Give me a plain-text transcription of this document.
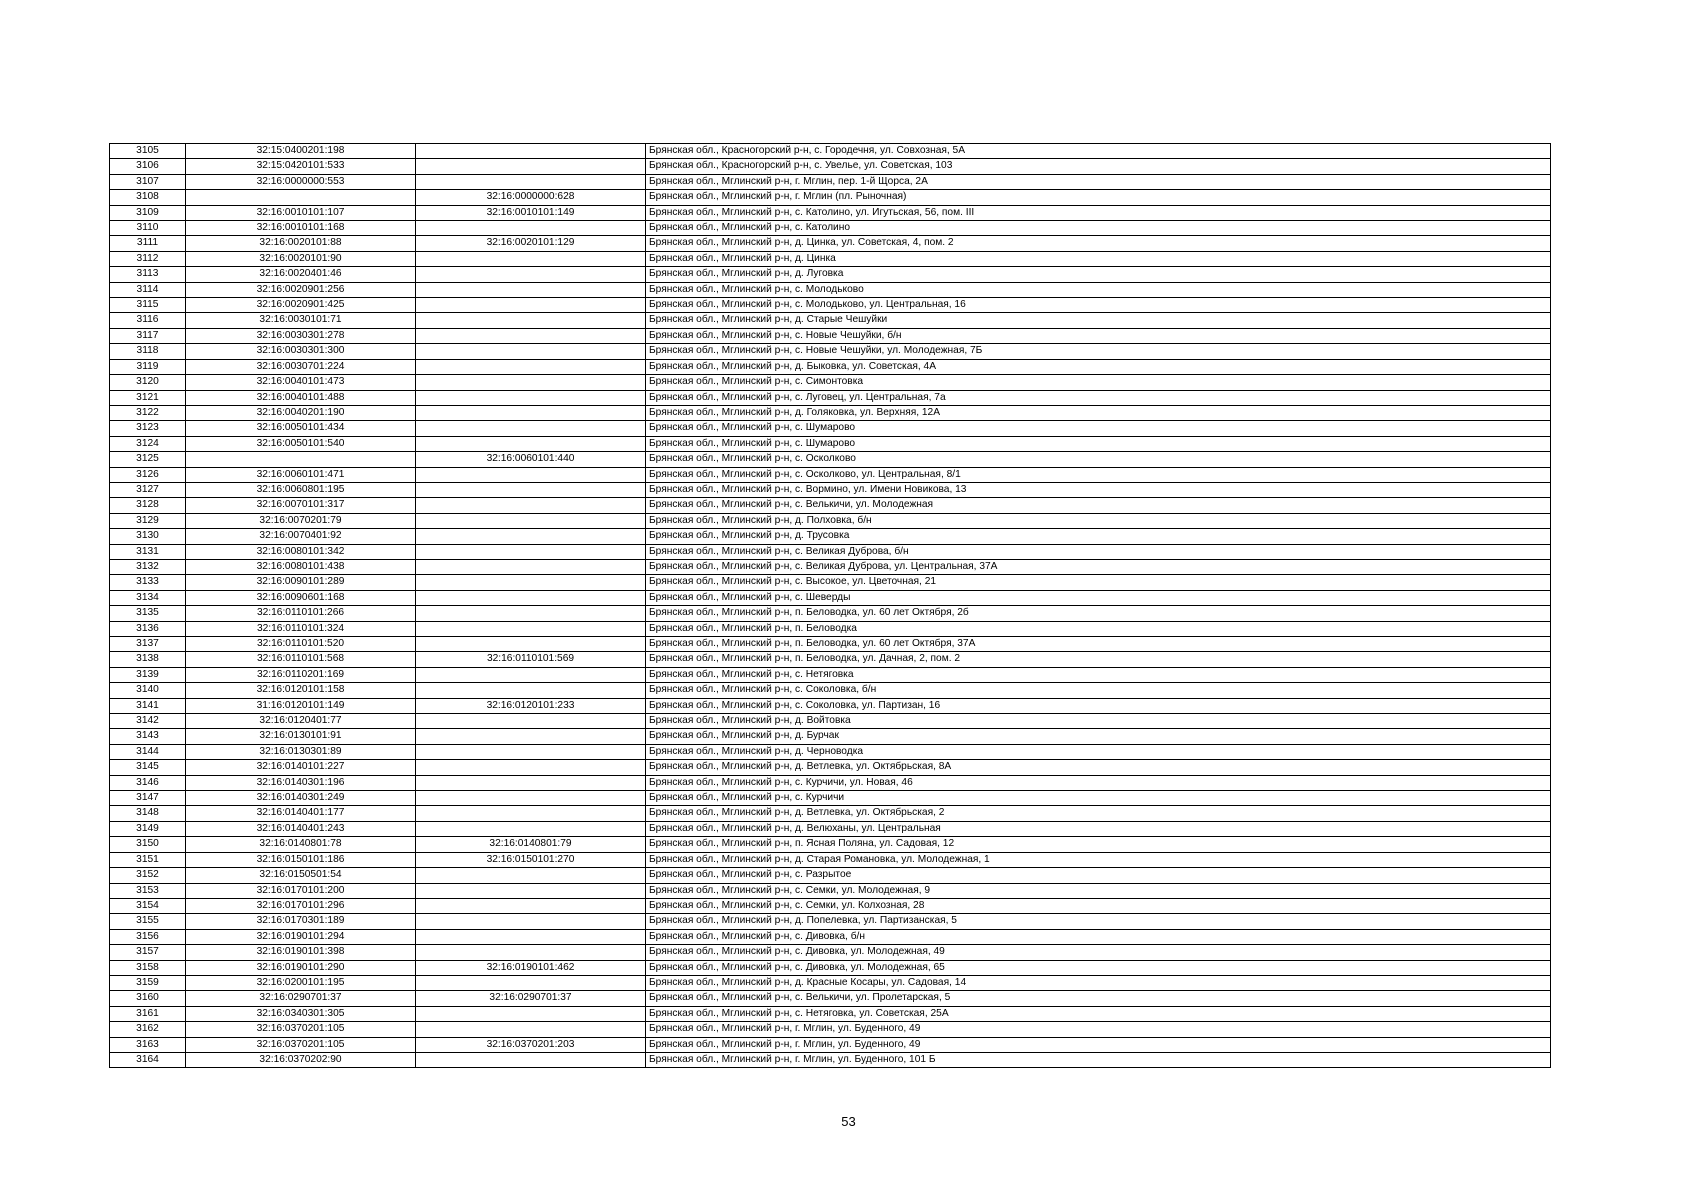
3105	32:15:0400201:198		Брянская обл., Красногорский р-н, с. Городечня, ул. Совхозная, 5А
3106	32:15:0420101:533		Брянская обл., Красногорский р-н, с. Увелье, ул. Советская, 103
3107	32:16:0000000:553		Брянская обл., Мглинский р-н, г. Мглин, пер. 1-й Щорса, 2А
3108		32:16:0000000:628	Брянская обл., Мглинский р-н, г. Мглин (пл. Рыночная)
3109	32:16:0010101:107	32:16:0010101:149	Брянская обл., Мглинский р-н, с. Католино, ул. Игутьская, 56, пом. III
3110	32:16:0010101:168		Брянская обл., Мглинский р-н, с. Католино
3111	32:16:0020101:88	32:16:0020101:129	Брянская обл., Мглинский р-н, д. Цинка, ул. Советская, 4, пом. 2
3112	32:16:0020101:90		Брянская обл., Мглинский р-н, д. Цинка
3113	32:16:0020401:46		Брянская обл., Мглинский р-н, д. Луговка
3114	32:16:0020901:256		Брянская обл., Мглинский р-н, с. Молодьково
3115	32:16:0020901:425		Брянская обл., Мглинский р-н, с. Молодьково, ул. Центральная, 16
3116	32:16:0030101:71		Брянская обл., Мглинский р-н, д. Старые Чешуйки
3117	32:16:0030301:278		Брянская обл., Мглинский р-н, с. Новые Чешуйки, б/н
3118	32:16:0030301:300		Брянская обл., Мглинский р-н, с. Новые Чешуйки, ул. Молодежная, 7Б
3119	32:16:0030701:224		Брянская обл., Мглинский р-н, д. Быковка, ул. Советская, 4А
3120	32:16:0040101:473		Брянская обл., Мглинский р-н, с. Симонтовка
3121	32:16:0040101:488		Брянская обл., Мглинский р-н, с. Луговец, ул. Центральная, 7а
3122	32:16:0040201:190		Брянская обл., Мглинский р-н, д. Голяковка, ул. Верхняя, 12А
3123	32:16:0050101:434		Брянская обл., Мглинский р-н, с. Шумарово
3124	32:16:0050101:540		Брянская обл., Мглинский р-н, с. Шумарово
3125		32:16:0060101:440	Брянская обл., Мглинский р-н, с. Осколково
3126	32:16:0060101:471		Брянская обл., Мглинский р-н, с. Осколково, ул. Центральная, 8/1
3127	32:16:0060801:195		Брянская обл., Мглинский р-н, с. Вормино, ул. Имени Новикова, 13
3128	32:16:0070101:317		Брянская обл., Мглинский р-н, с. Велькичи, ул. Молодежная
3129	32:16:0070201:79		Брянская обл., Мглинский р-н, д. Полховка, б/н
3130	32:16:0070401:92		Брянская обл., Мглинский р-н, д. Трусовка
3131	32:16:0080101:342		Брянская обл., Мглинский р-н, с. Великая Дуброва, б/н
3132	32:16:0080101:438		Брянская обл., Мглинский р-н, с. Великая Дуброва, ул. Центральная, 37А
3133	32:16:0090101:289		Брянская обл., Мглинский р-н, с. Высокое, ул. Цветочная, 21
3134	32:16:0090601:168		Брянская обл., Мглинский р-н, с. Шеверды
3135	32:16:0110101:266		Брянская обл., Мглинский р-н, п. Беловодка, ул. 60 лет Октября, 2б
3136	32:16:0110101:324		Брянская обл., Мглинский р-н, п. Беловодка
3137	32:16:0110101:520		Брянская обл., Мглинский р-н, п. Беловодка, ул. 60 лет Октября, 37А
3138	32:16:0110101:568	32:16:0110101:569	Брянская обл., Мглинский р-н, п. Беловодка, ул. Дачная, 2, пом. 2
3139	32:16:0110201:169		Брянская обл., Мглинский р-н, с. Нетяговка
3140	32:16:0120101:158		Брянская обл., Мглинский р-н, с. Соколовка, б/н
3141	31:16:0120101:149	32:16:0120101:233	Брянская обл., Мглинский р-н, с. Соколовка, ул. Партизан, 16
3142	32:16:0120401:77		Брянская обл., Мглинский р-н, д. Войтовка
3143	32:16:0130101:91		Брянская обл., Мглинский р-н, д. Бурчак
3144	32:16:0130301:89		Брянская обл., Мглинский р-н, д. Черноводка
3145	32:16:0140101:227		Брянская обл., Мглинский р-н, д. Ветлевка, ул. Октябрьская, 8А
3146	32:16:0140301:196		Брянская обл., Мглинский р-н, с. Курчичи, ул. Новая, 46
3147	32:16:0140301:249		Брянская обл., Мглинский р-н, с. Курчичи
3148	32:16:0140401:177		Брянская обл., Мглинский р-н, д. Ветлевка, ул. Октябрьская, 2
3149	32:16:0140401:243		Брянская обл., Мглинский р-н, д. Велюханы, ул. Центральная
3150	32:16:0140801:78	32:16:0140801:79	Брянская обл., Мглинский р-н, п. Ясная Поляна, ул. Садовая, 12
3151	32:16:0150101:186	32:16:0150101:270	Брянская обл., Мглинский р-н, д. Старая Романовка, ул. Молодежная, 1
3152	32:16:0150501:54		Брянская обл., Мглинский р-н, с. Разрытое
3153	32:16:0170101:200		Брянская обл., Мглинский р-н, с. Семки, ул. Молодежная, 9
3154	32:16:0170101:296		Брянская обл., Мглинский р-н, с. Семки, ул. Колхозная, 28
3155	32:16:0170301:189		Брянская обл., Мглинский р-н, д. Попелевка, ул. Партизанская, 5
3156	32:16:0190101:294		Брянская обл., Мглинский р-н, с. Дивовка, б/н
3157	32:16:0190101:398		Брянская обл., Мглинский р-н, с. Дивовка, ул. Молодежная, 49
3158	32:16:0190101:290	32:16:0190101:462	Брянская обл., Мглинский р-н, с. Дивовка, ул. Молодежная, 65
3159	32:16:0200101:195		Брянская обл., Мглинский р-н, д. Красные Косары, ул. Садовая, 14
3160	32:16:0290701:37	32:16:0290701:37	Брянская обл., Мглинский р-н, с. Велькичи, ул. Пролетарская, 5
3161	32:16:0340301:305		Брянская обл., Мглинский р-н, с. Нетяговка, ул. Советская, 25А
3162	32:16:0370201:105		Брянская обл., Мглинский р-н, г. Мглин, ул. Буденного, 49
3163	32:16:0370201:105	32:16:0370201:203	Брянская обл., Мглинский р-н, г. Мглин, ул. Буденного, 49
3164	32:16:0370202:90		Брянская обл., Мглинский р-н, г. Мглин, ул. Буденного, 101 Б
53
